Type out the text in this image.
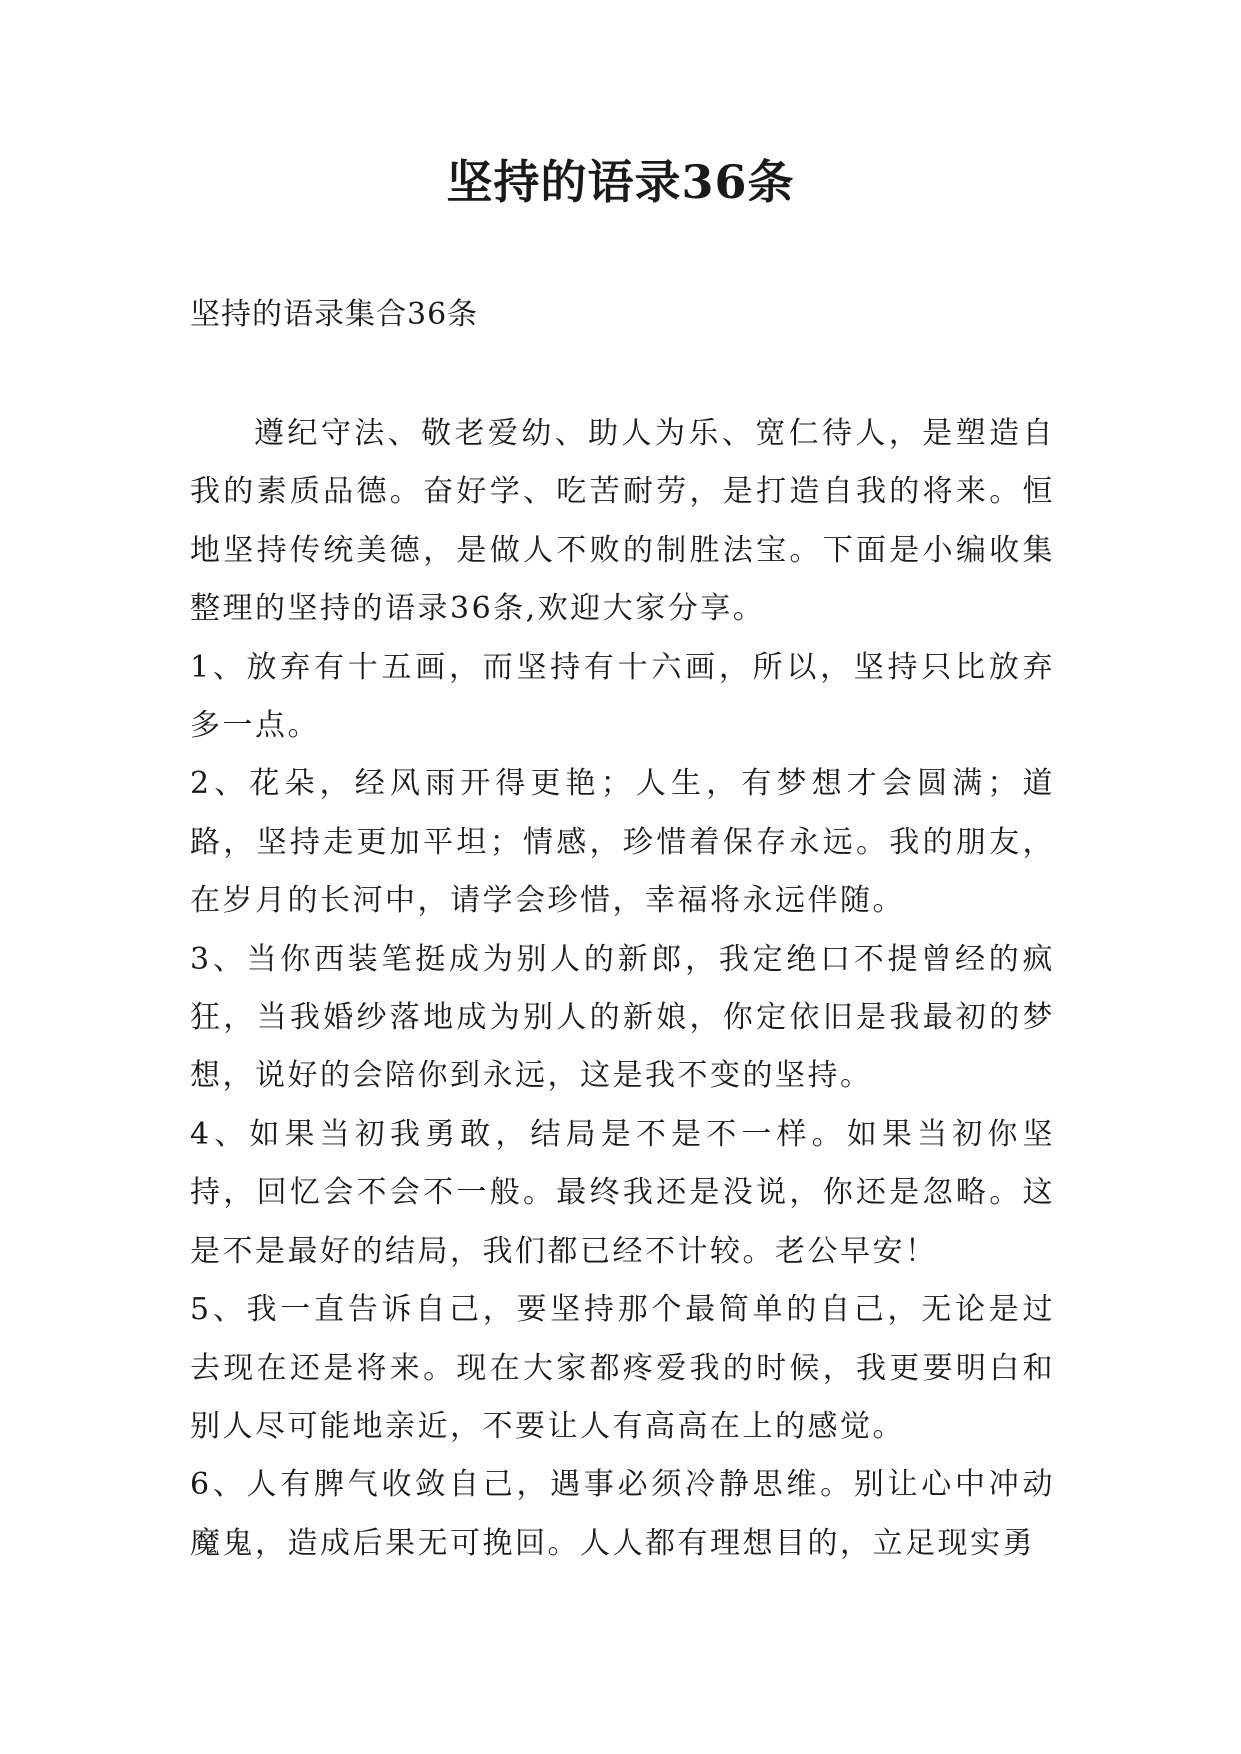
坚持的语录36条
坚持的语录集合36条

遵纪守法、敬老爱幼、助人为乐、宽仁待人，是塑造自我的素质品德。奋好学、吃苦耐劳，是打造自我的将来。恒地坚持传统美德，是做人不败的制胜法宝。下面是小编收集整理的坚持的语录36条,欢迎大家分享。

1、放弃有十五画，而坚持有十六画，所以，坚持只比放弃多一点。

2、花朵，经风雨开得更艳；人生，有梦想才会圆满；道路，坚持走更加平坦；情感，珍惜着保存永远。我的朋友，在岁月的长河中，请学会珍惜，幸福将永远伴随。

3、当你西装笔挺成为别人的新郎，我定绝口不提曾经的疯狂，当我婚纱落地成为别人的新娘，你定依旧是我最初的梦想，说好的会陪你到永远，这是我不变的坚持。

4、如果当初我勇敢，结局是不是不一样。如果当初你坚持，回忆会不会不一般。最终我还是没说，你还是忽略。这是不是最好的结局，我们都已经不计较。老公早安！

5、我一直告诉自己，要坚持那个最简单的自己，无论是过去现在还是将来。现在大家都疼爱我的时候，我更要明白和别人尽可能地亲近，不要让人有高高在上的感觉。

6、人有脾气收敛自己，遇事必须冷静思维。别让心中冲动魔鬼，造成后果无可挽回。人人都有理想目的，立足现实勇
